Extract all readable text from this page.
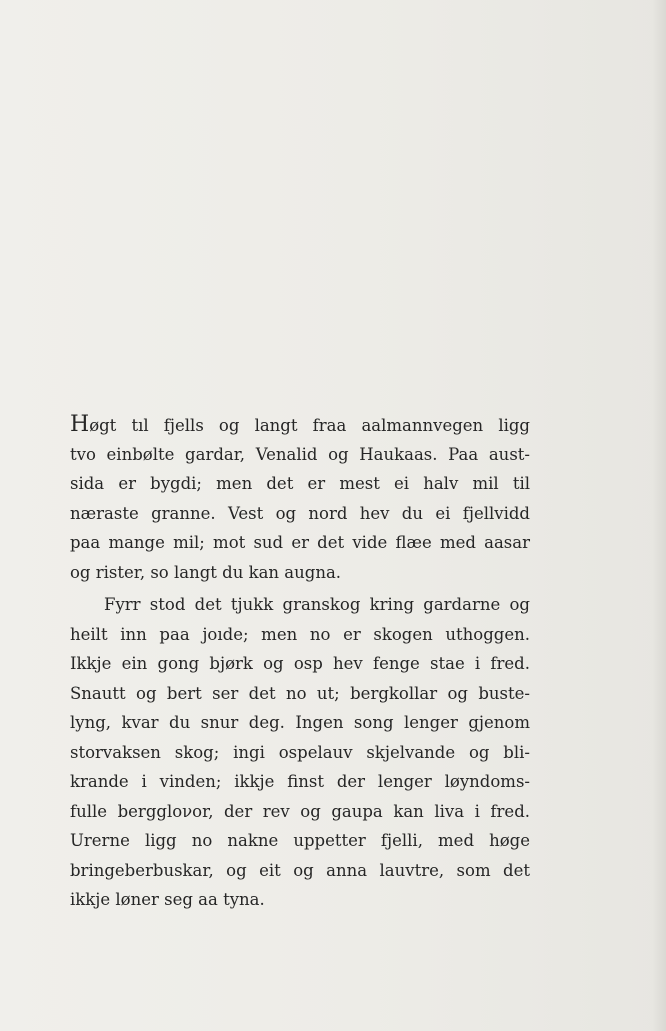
Høgt tıl fjells og langt fraa aalmannvegen ligg
tvo einbølte gardar, Venalid og Haukaas. Paa aust-
sida er bygdi; men det er mest ei halv mil til
næraste granne. Vest og nord hev du ei fjellvidd
paa mange mil; mot sud er det vide flæe med aasar
og rister, so langt du kan augna.
Fyrr stod det tjukk granskog kring gardarne og
heilt inn paa joıde; men no er skogen uthoggen.
Ikkje ein gong bjørk og osp hev fenge stae i fred.
Snautt og bert ser det no ut; bergkollar og buste-
lyng, kvar du snur deg. Ingen song lenger gjenom
storvaksen skog; ingi ospelauv skjelvande og bli-
krande i vinden; ikkje finst der lenger løyndoms-
fulle berggloνor, der rev og gaupa kan liva i fred.
Urerne ligg no nakne uppetter fjelli, med høge
bringeberbuskar, og eit og anna lauvtre, som det
ikkje løner seg aa tyna.
